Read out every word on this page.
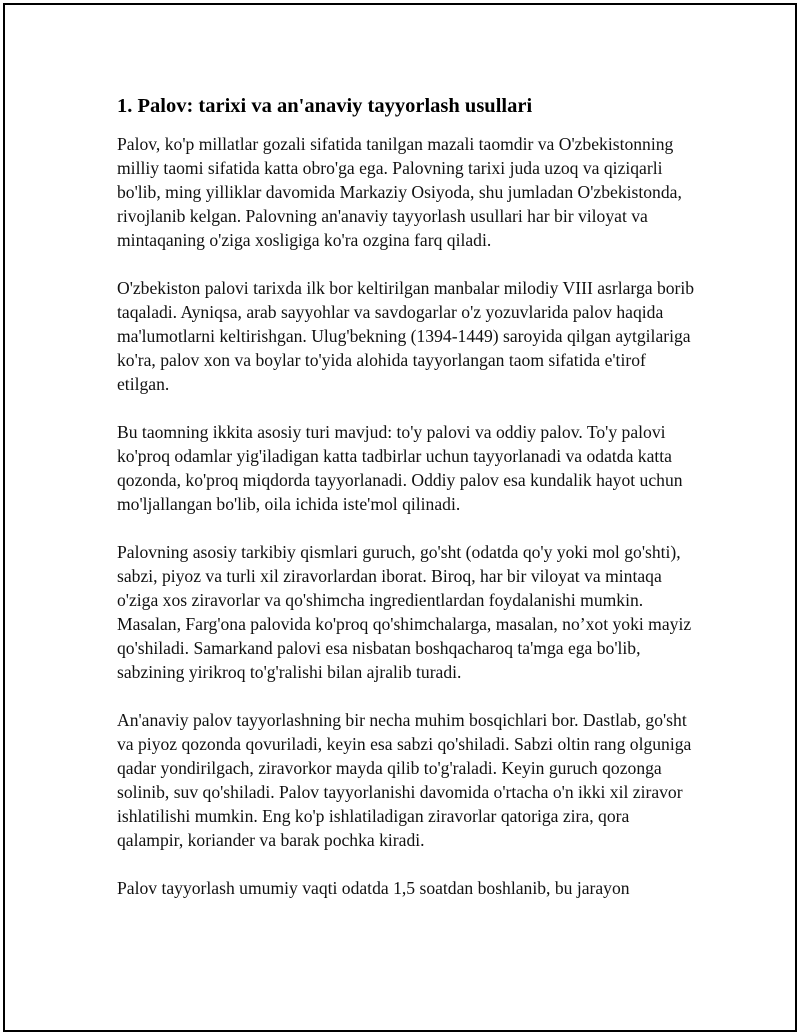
1. Palov: tarixi va an'anaviy tayyorlash usullari

Palov, ko'p millatlar gozali sifatida tanilgan mazali taomdir va O'zbekistonning milliy taomi sifatida katta obro'ga ega. Palovning tarixi juda uzoq va qiziqarli bo'lib, ming yilliklar davomida Markaziy Osiyoda, shu jumladan O'zbekistonda, rivojlanib kelgan. Palovning an'anaviy tayyorlash usullari har bir viloyat va mintaqaning o'ziga xosligiga ko'ra ozgina farq qiladi.

O'zbekiston palovi tarixda ilk bor keltirilgan manbalar milodiy VIII asrlarga borib taqaladi. Ayniqsa, arab sayyohlar va savdogarlar o'z yozuvlarida palov haqida ma'lumotlarni keltirishgan. Ulug'bekning (1394-1449) saroyida qilgan aytgilariga ko'ra, palov xon va boylar to'yida alohida tayyorlangan taom sifatida e'tirof etilgan.

Bu taomning ikkita asosiy turi mavjud: to'y palovi va oddiy palov. To'y palovi ko'proq odamlar yig'iladigan katta tadbirlar uchun tayyorlanadi va odatda katta qozonda, ko'proq miqdorda tayyorlanadi. Oddiy palov esa kundalik hayot uchun mo'ljallangan bo'lib, oila ichida iste'mol qilinadi.

Palovning asosiy tarkibiy qismlari guruch, go'sht (odatda qo'y yoki mol go'shti), sabzi, piyoz va turli xil ziravorlardan iborat. Biroq, har bir viloyat va mintaqa o'ziga xos ziravorlar va qo'shimcha ingredientlardan foydalanishi mumkin. Masalan, Farg'ona palovida ko'proq qo'shimchalarga, masalan, no’xot yoki mayiz qo'shiladi. Samarkand palovi esa nisbatan boshqacharoq ta'mga ega bo'lib, sabzining yirikroq to'g'ralishi bilan ajralib turadi.

An'anaviy palov tayyorlashning bir necha muhim bosqichlari bor. Dastlab, go'sht va piyoz qozonda qovuriladi, keyin esa sabzi qo'shiladi. Sabzi oltin rang olguniga qadar yondirilgach, ziravorkor mayda qilib to'g'raladi. Keyin guruch qozonga solinib, suv qo'shiladi. Palov tayyorlanishi davomida o'rtacha o'n ikki xil ziravor ishlatilishi mumkin. Eng ko'p ishlatiladigan ziravorlar qatoriga zira, qora qalampir, koriander va barak pochka kiradi.

Palov tayyorlash umumiy vaqti odatda 1,5 soatdan boshlanib, bu jarayon
